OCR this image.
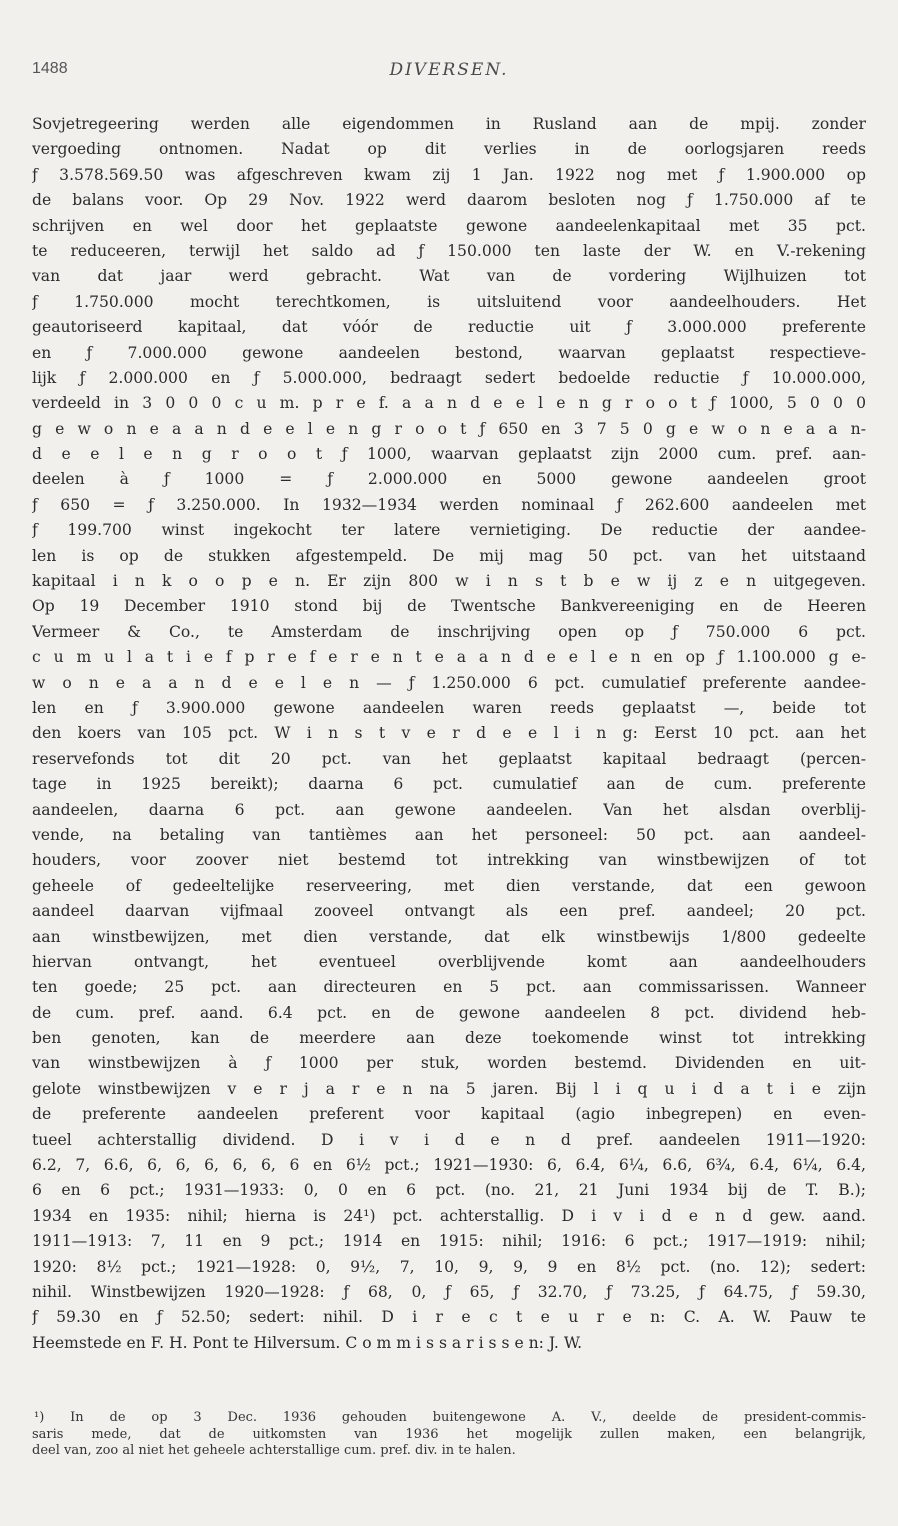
1488	DIVERSEN.
Sovjetregeering werden alle eigendommen in Rusland aan de mpij. zonder
vergoeding ontnomen. Nadat op dit verlies in de oorlogsjaren reeds
ƒ 3.578.569.50 was afgeschreven kwam zij 1 Jan. 1922 nog met ƒ 1.900.000 op
de balans voor. Op 29 Nov. 1922 werd daarom besloten nog ƒ 1.750.000 af te
schrijven en wel door het geplaatste gewone aandeelenkapitaal met 35 pct.
te reduceeren, terwijl het saldo ad ƒ 150.000 ten laste der W. en V.-rekening
van dat jaar werd gebracht. Wat van de vordering Wijlhuizen tot
ƒ 1.750.000 mocht terechtkomen, is uitsluitend voor aandeelhouders. Het
geautoriseerd kapitaal, dat vóór de reductie uit ƒ 3.000.000 preferente
en ƒ 7.000.000 gewone aandeelen bestond, waarvan geplaatst respectieve-
lijk ƒ 2.000.000 en ƒ 5.000.000, bedraagt sedert bedoelde reductie ƒ 10.000.000,
verdeeld in 3 0 0 0 c u m. p r e f. a a n d e e l e n g r o o t ƒ 1000, 5 0 0 0
g e w o n e a a n d e e l e n g r o o t ƒ 650 en 3 7 5 0 g e w o n e a a n-
d e e l e n g r o o t ƒ 1000, waarvan geplaatst zijn 2000 cum. pref. aan-
deelen à ƒ 1000 = ƒ 2.000.000 en 5000 gewone aandeelen groot
ƒ 650 = ƒ 3.250.000. In 1932—1934 werden nominaal ƒ 262.600 aandeelen met
ƒ 199.700 winst ingekocht ter latere vernietiging. De reductie der aandee-
len is op de stukken afgestempeld. De mij mag 50 pct. van het uitstaand
kapitaal i n k o o p e n. Er zijn 800 w i n s t b e w ij z e n uitgegeven.
Op 19 December 1910 stond bij de Twentsche Bankvereeniging en de Heeren
Vermeer & Co., te Amsterdam de inschrijving open op ƒ 750.000 6 pct.
c u m u l a t i e f p r e f e r e n t e a a n d e e l e n en op ƒ 1.100.000 g e-
w o n e a a n d e e l e n — ƒ 1.250.000 6 pct. cumulatief preferente aandee-
len en ƒ 3.900.000 gewone aandeelen waren reeds geplaatst —, beide tot
den koers van 105 pct. W i n s t v e r d e e l i n g: Eerst 10 pct. aan het
reservefonds tot dit 20 pct. van het geplaatst kapitaal bedraagt (percen-
tage in 1925 bereikt); daarna 6 pct. cumulatief aan de cum. preferente
aandeelen, daarna 6 pct. aan gewone aandeelen. Van het alsdan overblij-
vende, na betaling van tantièmes aan het personeel: 50 pct. aan aandeel-
houders, voor zoover niet bestemd tot intrekking van winstbewijzen of tot
geheele of gedeeltelijke reserveering, met dien verstande, dat een gewoon
aandeel daarvan vijfmaal zooveel ontvangt als een pref. aandeel; 20 pct.
aan winstbewijzen, met dien verstande, dat elk winstbewijs 1/800 gedeelte
hiervan ontvangt, het eventueel overblijvende komt aan aandeelhouders
ten goede; 25 pct. aan directeuren en 5 pct. aan commissarissen. Wanneer
de cum. pref. aand. 6.4 pct. en de gewone aandeelen 8 pct. dividend heb-
ben genoten, kan de meerdere aan deze toekomende winst tot intrekking
van winstbewijzen à ƒ 1000 per stuk, worden bestemd. Dividenden en uit-
gelote winstbewijzen v e r j a r e n na 5 jaren. Bij l i q u i d a t i e zijn
de preferente aandeelen preferent voor kapitaal (agio inbegrepen) en even-
tueel achterstallig dividend. D i v i d e n d pref. aandeelen 1911—1920:
6.2, 7, 6.6, 6, 6, 6, 6, 6, 6 en 6½ pct.; 1921—1930: 6, 6.4, 6¼, 6.6, 6¾, 6.4, 6¼, 6.4,
6 en 6 pct.; 1931—1933: 0, 0 en 6 pct. (no. 21, 21 Juni 1934 bij de T. B.);
1934 en 1935: nihil; hierna is 24¹) pct. achterstallig. D i v i d e n d gew. aand.
1911—1913: 7, 11 en 9 pct.; 1914 en 1915: nihil; 1916: 6 pct.; 1917—1919: nihil;
1920: 8½ pct.; 1921—1928: 0, 9½, 7, 10, 9, 9, 9 en 8½ pct. (no. 12); sedert:
nihil. Winstbewijzen 1920—1928: ƒ 68, 0, ƒ 65, ƒ 32.70, ƒ 73.25, ƒ 64.75, ƒ 59.30,
ƒ 59.30 en ƒ 52.50; sedert: nihil. D i r e c t e u r e n: C. A. W. Pauw te
Heemstede en F. H. Pont te Hilversum. C o m m i s s a r i s s e n: J. W.
¹) In de op 3 Dec. 1936 gehouden buitengewone A. V., deelde de president-commis-
saris mede, dat de uitkomsten van 1936 het mogelijk zullen maken, een belangrijk,
deel van, zoo al niet het geheele achterstallige cum. pref. div. in te halen.
